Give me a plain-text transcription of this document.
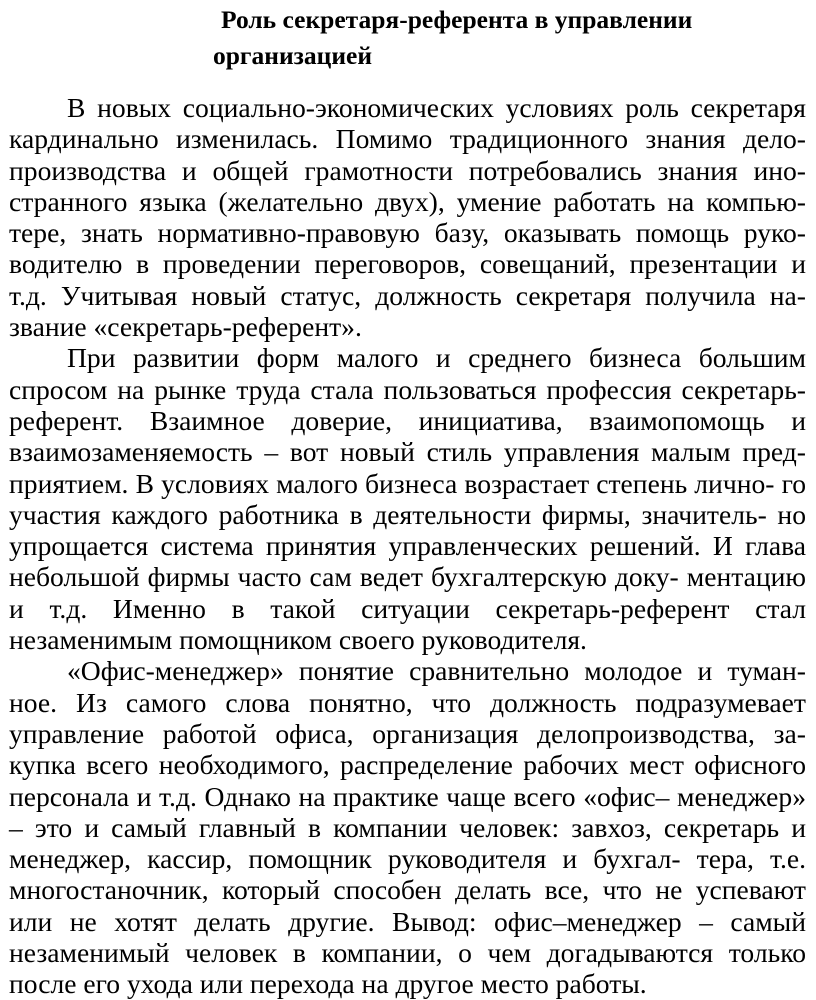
Роль секретаря-референта в управлении
организацией

В новых социально-экономических условиях роль секретаря кардинально изменилась. Помимо традиционного знания дело-производства и общей грамотности потребовались знания ино-странного языка (желательно двух), умение работать на компью-тере, знать нормативно-правовую базу, оказывать помощь руко-водителю в проведении переговоров, совещаний, презентации и т.д. Учитывая новый статус, должность секретаря получила на- звание «секретарь-референт».

При развитии форм малого и среднего бизнеса большим спросом на рынке труда стала пользоваться профессия секретарь-референт. Взаимное доверие, инициатива, взаимопомощь и взаимозаменяемость – вот новый стиль управления малым пред-приятием. В условиях малого бизнеса возрастает степень лично- го участия каждого работника в деятельности фирмы, значитель- но упрощается система принятия управленческих решений. И глава небольшой фирмы часто сам ведет бухгалтерскую доку- ментацию и т.д. Именно в такой ситуации секретарь-референт стал незаменимым помощником своего руководителя.

«Офис-менеджер» понятие сравнительно молодое и туман- ное. Из самого слова понятно, что должность подразумевает управление работой офиса, организация делопроизводства, за- купка всего необходимого, распределение рабочих мест офисного персонала и т.д. Однако на практике чаще всего «офис– менеджер» – это и самый главный в компании человек: завхоз, секретарь и менеджер, кассир, помощник руководителя и бухгал- тера, т.е. многостаночник, который способен делать все, что не успевают или не хотят делать другие. Вывод: офис–менеджер – самый незаменимый человек в компании, о чем догадываются только после его ухода или перехода на другое место работы.
